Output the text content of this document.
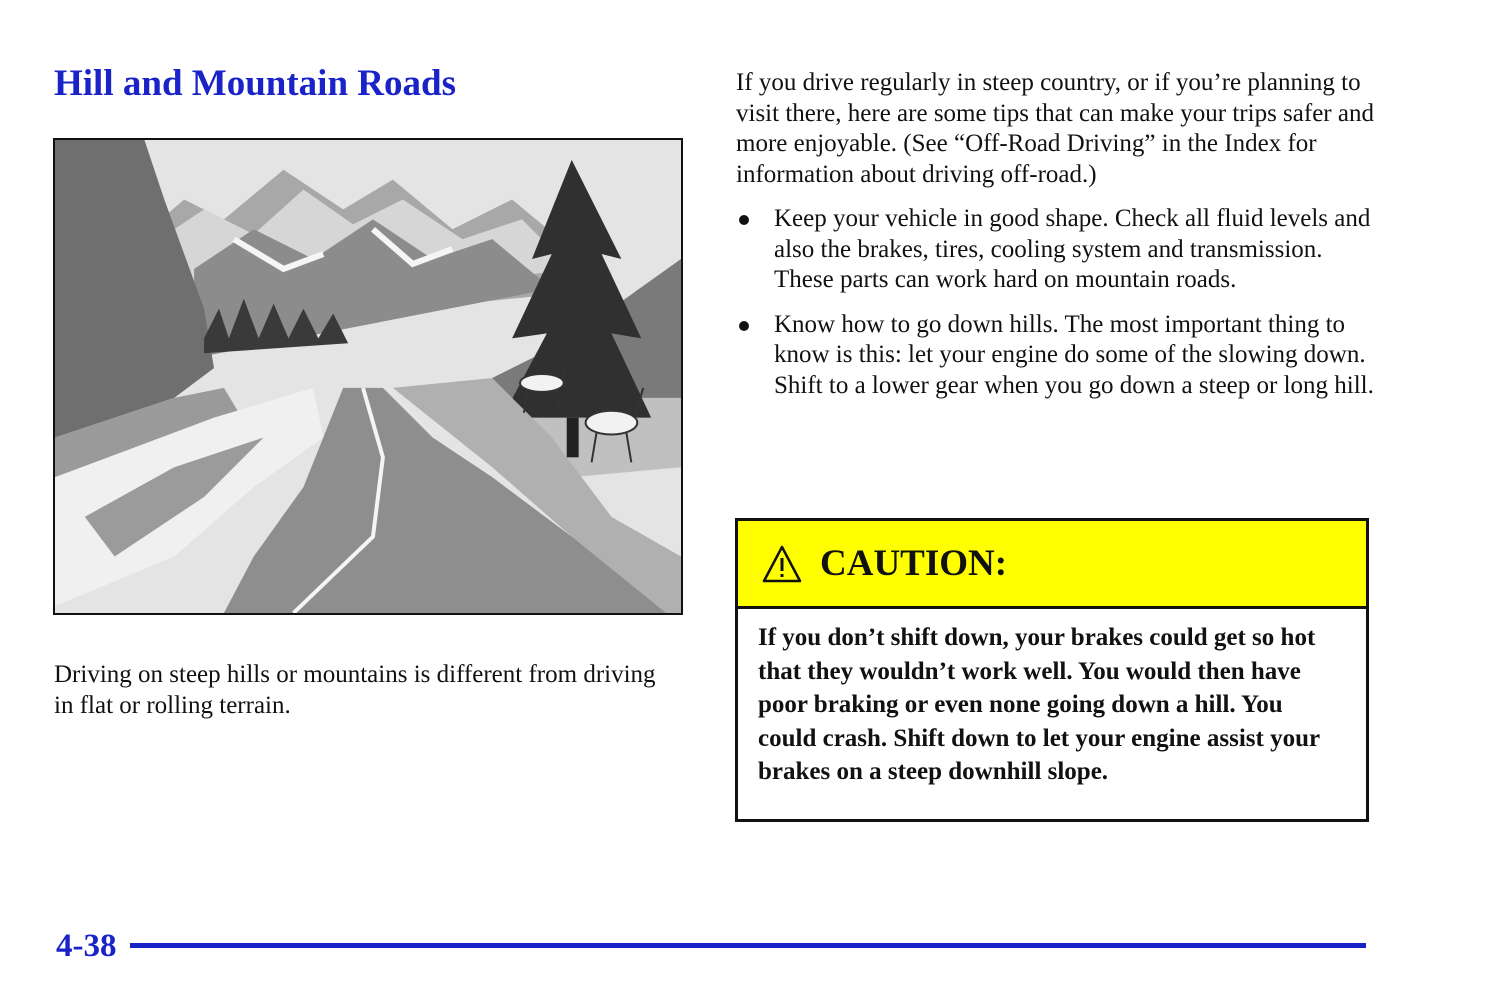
Hill and Mountain Roads

Driving on steep hills or mountains is different from driving in flat or rolling terrain.

If you drive regularly in steep country, or if you’re planning to visit there, here are some tips that can make your trips safer and more enjoyable. (See “Off-Road Driving” in the Index for information about driving off-road.)

Keep your vehicle in good shape. Check all fluid levels and also the brakes, tires, cooling system and transmission. These parts can work hard on mountain roads.
Know how to go down hills. The most important thing to know is this: let your engine do some of the slowing down. Shift to a lower gear when you go down a steep or long hill.
CAUTION:

If you don’t shift down, your brakes could get so hot that they wouldn’t work well. You would then have poor braking or even none going down a hill. You could crash. Shift down to let your engine assist your brakes on a steep downhill slope.

4-38
